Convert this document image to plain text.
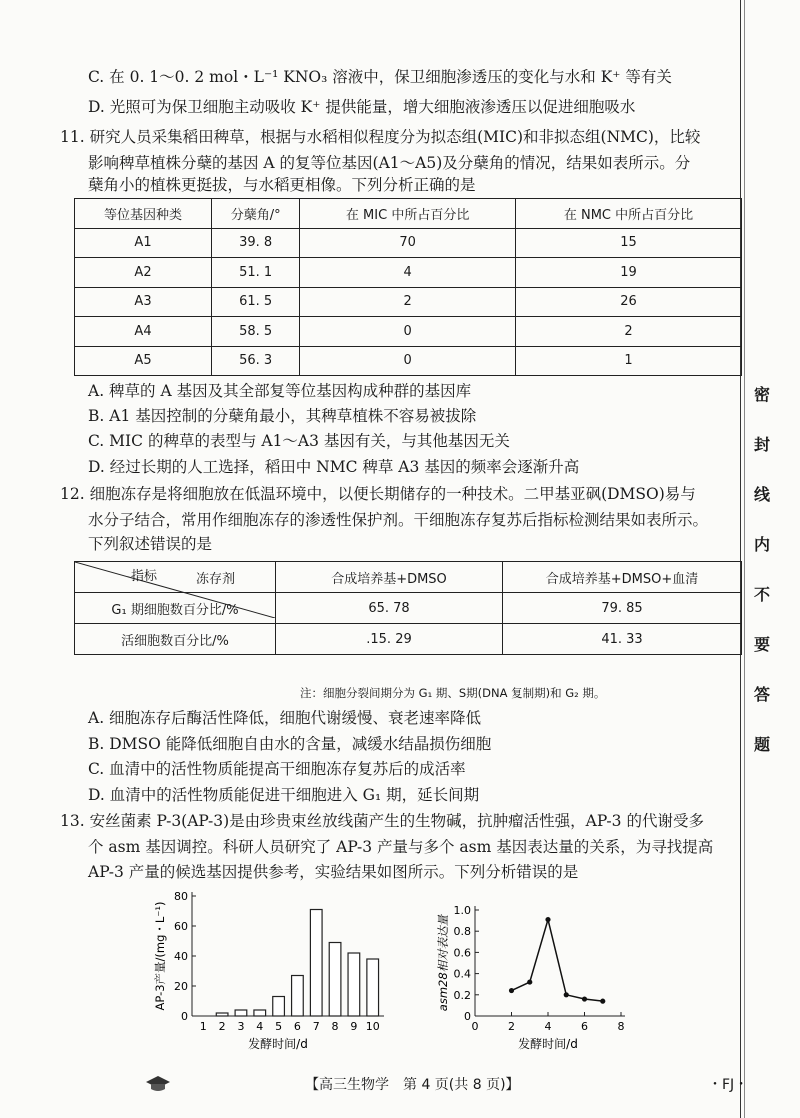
C. 在 0. 1～0. 2 mol・L⁻¹ KNO₃ 溶液中，保卫细胞渗透压的变化与水和 K⁺ 等有关
D. 光照可为保卫细胞主动吸收 K⁺ 提供能量，增大细胞液渗透压以促进细胞吸水
11. 研究人员采集稻田稗草，根据与水稻相似程度分为拟态组(MIC)和非拟态组(NMC)，比较
影响稗草植株分蘖的基因 A 的复等位基因(A1～A5)及分蘖角的情况，结果如表所示。分
蘖角小的植株更挺拔，与水稻更相像。下列分析正确的是
等位基因种类	分蘖角/°	在 MIC 中所占百分比	在 NMC 中所占百分比
A1	39. 8	70	15
A2	51. 1	4	19
A3	61. 5	2	26
A4	58. 5	0	2
A5	56. 3	0	1
A. 稗草的 A 基因及其全部复等位基因构成种群的基因库
B. A1 基因控制的分蘖角最小，其稗草植株不容易被拔除
C. MIC 的稗草的表型与 A1～A3 基因有关，与其他基因无关
D. 经过长期的人工选择，稻田中 NMC 稗草 A3 基因的频率会逐渐升高
12. 细胞冻存是将细胞放在低温环境中，以便长期储存的一种技术。二甲基亚砜(DMSO)易与
水分子结合，常用作细胞冻存的渗透性保护剂。干细胞冻存复苏后指标检测结果如表所示。
下列叙述错误的是
冻存剂
指标	合成培养基+DMSO	合成培养基+DMSO+血清
G₁ 期细胞数百分比/%	65. 78	79. 85
活细胞数百分比/%	.15. 29	41. 33
注：细胞分裂间期分为 G₁ 期、S期(DNA 复制期)和 G₂ 期。
A. 细胞冻存后酶活性降低，细胞代谢缓慢、衰老速率降低
B. DMSO 能降低细胞自由水的含量，减缓水结晶损伤细胞
C. 血清中的活性物质能提高干细胞冻存复苏后的成活率
D. 血清中的活性物质能促进干细胞进入 G₁ 期，延长间期
13. 安丝菌素 P-3(AP-3)是由珍贵束丝放线菌产生的生物碱，抗肿瘤活性强，AP-3 的代谢受多
个 asm 基因调控。科研人员研究了 AP-3 产量与多个 asm 基因表达量的关系，为寻找提高
AP-3 产量的候选基因提供参考，实验结果如图所示。下列分析错误的是
0
20
40
60
80
1 2 3 4 5 6 7 8 9 10
发酵时间/d
AP-3产量/(mg・L⁻¹)
0
0.2
0.4
0.6
0.8
1.0
0	2	4	6	8
发酵时间/d
asm28相对表达量
密
封
线
内
不
要
答
题
【高三生物学　第 4 页(共 8 页)】	・FJ・
